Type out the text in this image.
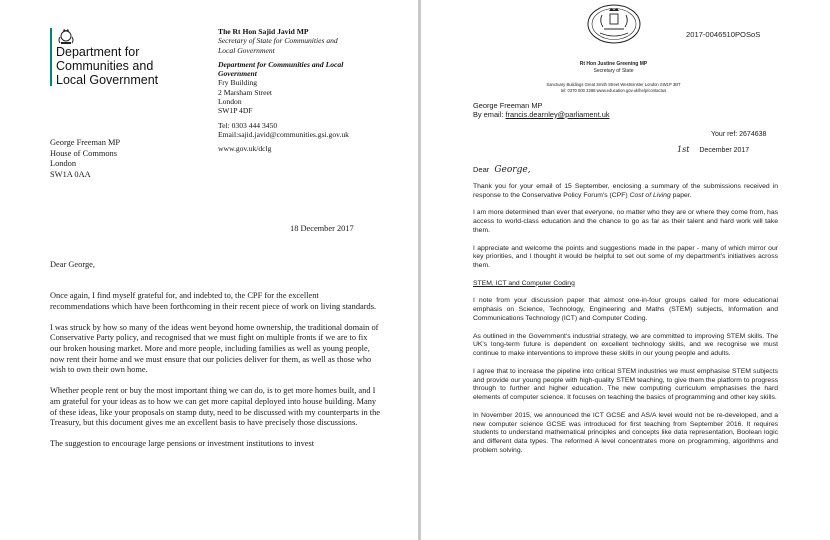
Department for
Communities and
Local Government
The Rt Hon Sajid Javid MP
Secretary of State for Communities and
Local Government
Department for Communities and Local
Government
Fry Building
2 Marsham Street
London
SW1P 4DF
Tel: 0303 444 3450
Email:sajid.javid@communities.gsi.gov.uk
www.gov.uk/dclg
George Freeman MP
House of Commons
London
SW1A 0AA
18 December 2017
Dear George,

Once again, I find myself grateful for, and indebted to, the CPF for the excellent recommendations which have been forthcoming in their recent piece of work on living standards.

I was struck by how so many of the ideas went beyond home ownership, the traditional domain of Conservative Party policy, and recognised that we must fight on multiple fronts if we are to fix our broken housing market. More and more people, including families as well as young people, now rent their home and we must ensure that our policies deliver for them, as well as those who wish to own their own home.

Whether people rent or buy the most important thing we can do, is to get more homes built, and I am grateful for your ideas as to how we can get more capital deployed into house building. Many of these ideas, like your proposals on stamp duty, need to be discussed with my counterparts in the Treasury, but this document gives me an excellent basis to have precisely those discussions.

The suggestion to encourage large pensions or investment institutions to invest

2017-0046510POSoS
Rt Hon Justine Greening MP
Secretary of State
Sanctuary Buildings Great Smith Street Westminster London SW1P 3BT
tel: 0370 000 2288 www.education.gov.uk/help/contactus
George Freeman MP
By email: francis.dearnley@parliament.uk
Your ref: 2674638
1st December 2017
Dear George,

Thank you for your email of 15 September, enclosing a summary of the submissions received in response to the Conservative Policy Forum's (CPF) Cost of Living paper.

I am more determined than ever that everyone, no matter who they are or where they come from, has access to world-class education and the chance to go as far as their talent and hard work will take them.

I appreciate and welcome the points and suggestions made in the paper - many of which mirror our key priorities, and I thought it would be helpful to set out some of my department's initiatives across them.

STEM, ICT and Computer Coding

I note from your discussion paper that almost one-in-four groups called for more educational emphasis on Science, Technology, Engineering and Maths (STEM) subjects, Information and Communications Technology (ICT) and Computer Coding.

As outlined in the Government's industrial strategy, we are committed to improving STEM skills. The UK's long-term future is dependent on excellent technology skills, and we recognise we must continue to make interventions to improve these skills in our young people and adults.

I agree that to increase the pipeline into critical STEM industries we must emphasise STEM subjects and provide our young people with high-quality STEM teaching, to give them the platform to progress through to further and higher education. The new computing curriculum emphasises the hard elements of computer science. It focuses on teaching the basics of programming and other key skills.

In November 2015, we announced the ICT GCSE and AS/A level would not be re-developed, and a new computer science GCSE was introduced for first teaching from September 2016. It requires students to understand mathematical principles and concepts like data representation, Boolean logic and different data types. The reformed A level concentrates more on programming, algorithms and problem solving.
